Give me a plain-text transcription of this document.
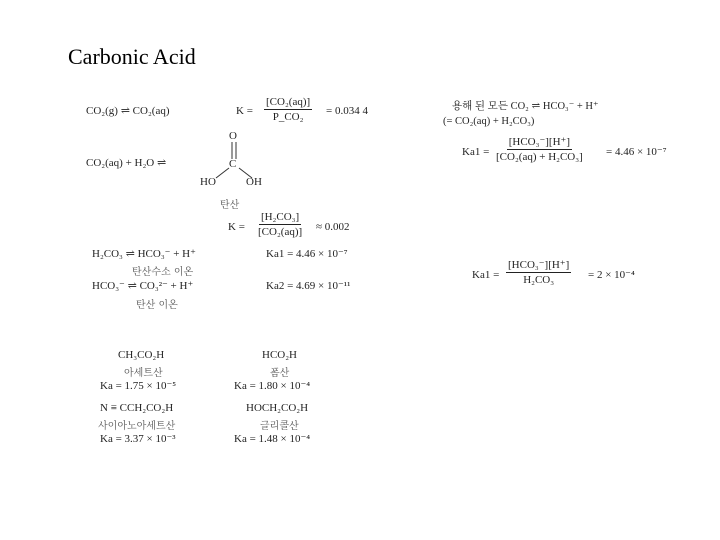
Carbonic Acid
CO₂(g) ⇌ CO₂(aq)	$K = \frac{\text{[CO₂(aq)]}}{\text{P\_CO₂}} = 0.034$ 4
CO₂(aq) + H₂O ⇌
O
C
HO	OH
탄산
$K = \frac{\text{[H₂CO₃]}}{\text{[CO₂(aq)]}} \approx 0.002$
H₂CO₃ ⇌ HCO₃⁻ + H⁺
탄산수소 이온
Ka1 = 4.46 × 10⁻⁷
HCO₃⁻ ⇌ CO₃²⁻ + H⁺
탄산 이온
Ka2 = 4.69 × 10⁻¹¹
용해 된 모든 CO₂ ⇌ HCO₃⁻ + H⁺
(= CO₂(aq) + H₂CO₃)
Ka1 =
[HCO₃⁻][H⁺]
[CO₂(aq) + H₂CO₃] = 4.46 × 10⁻⁷
Ka1 =
[HCO₃⁻][H⁺]
H₂CO₃	= 2 × 10⁻⁴
CH₃CO₂H
아세트산
Ka = 1.75 × 10⁻⁵
HCO₂H
폼산
Ka = 1.80 × 10⁻⁴
N ≡ CCH₂CO₂H
사이아노아세트산
Ka = 3.37 × 10⁻³
HOCH₂CO₂H
글리콜산
Ka = 1.48 × 10⁻⁴
